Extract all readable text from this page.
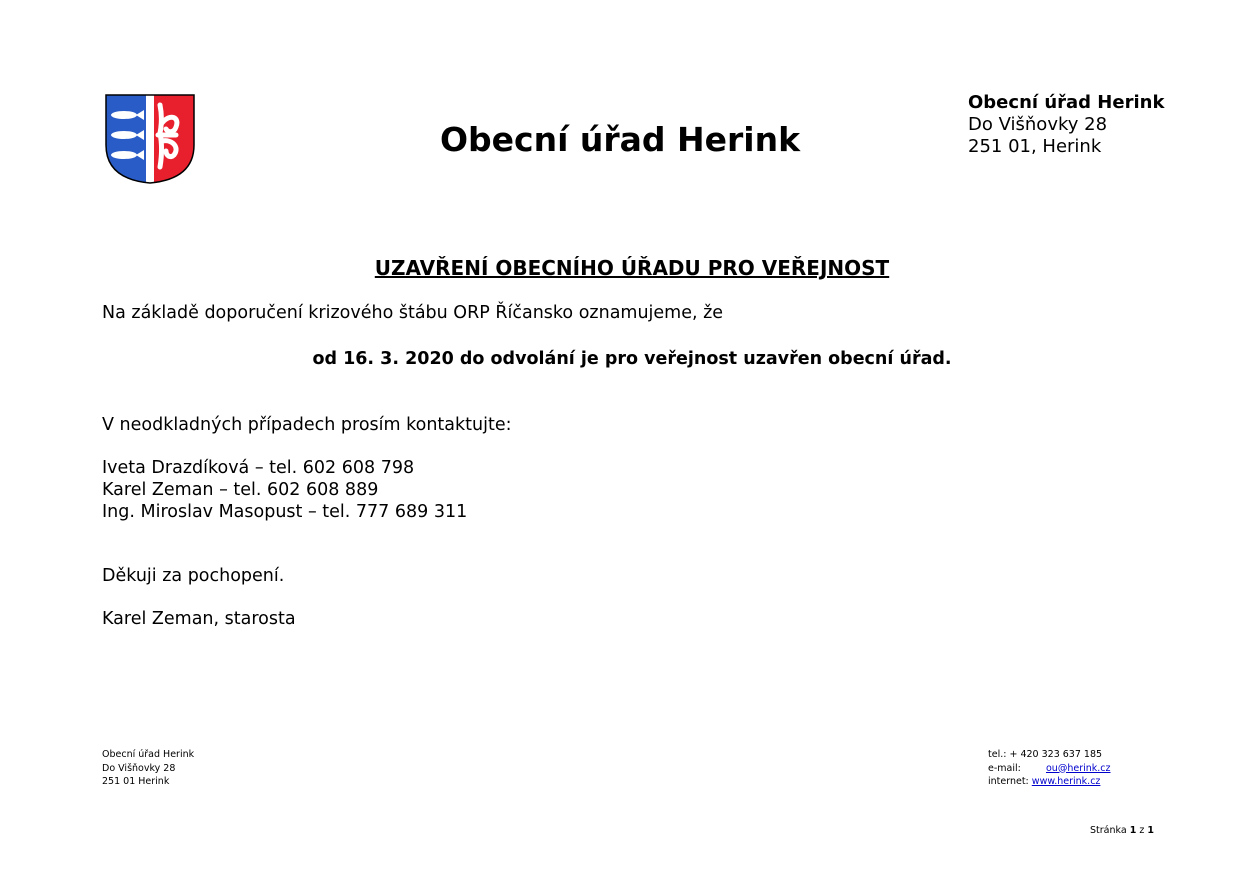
Obecní úřad Herink
Obecní úřad Herink
Do Višňovky 28
251 01, Herink
UZAVŘENÍ OBECNÍHO ÚŘADU PRO VEŘEJNOST
Na základě doporučení krizového štábu ORP Říčansko oznamujeme, že
od 16. 3. 2020 do odvolání je pro veřejnost uzavřen obecní úřad.
V neodkladných případech prosím kontaktujte:
Iveta Drazdíková – tel. 602 608 798
Karel Zeman – tel. 602 608 889
Ing. Miroslav Masopust – tel. 777 689 311
Děkuji za pochopení.
Karel Zeman, starosta
Obecní úřad Herink
Do Višňovky 28
251 01 Herink
tel.: + 420 323 637 185
e-mail:	ou@herink.cz
internet: www.herink.cz
Stránka 1 z 1
